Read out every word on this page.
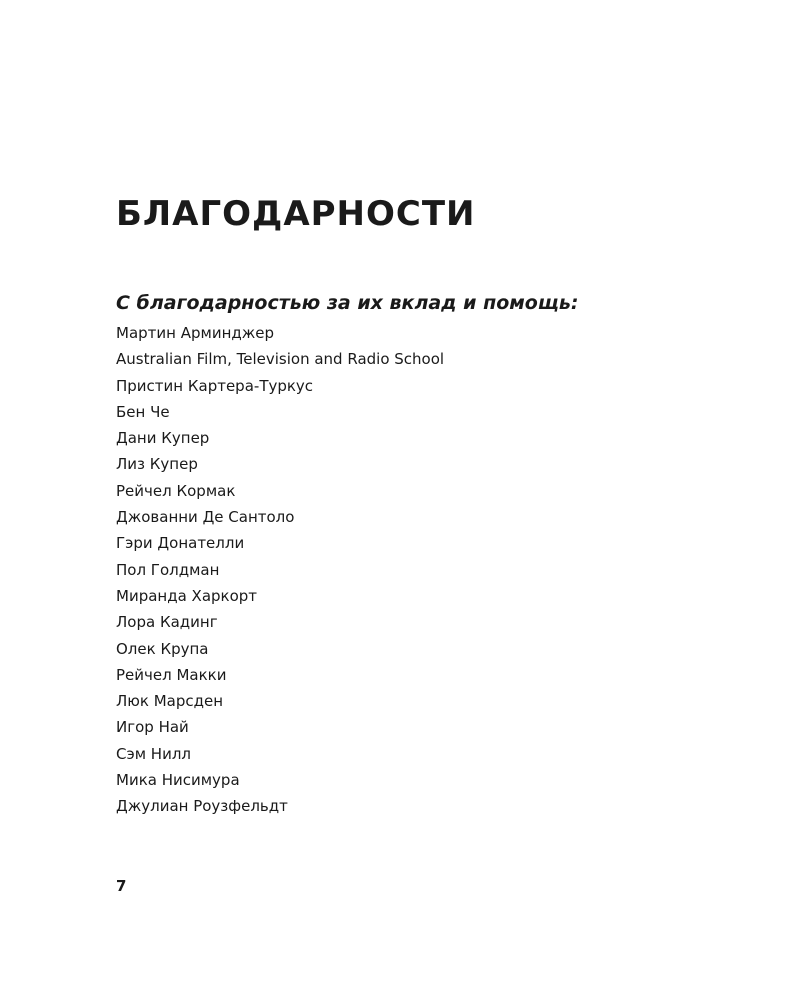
БЛАГОДАРНОСТИ
С благодарностью за их вклад и помощь:
Мартин Арминджер
Australian Film, Television and Radio School
Пристин Картера-Туркус
Бен Че
Дани Купер
Лиз Купер
Рейчел Кормак
Джованни Де Сантоло
Гэри Донателли
Пол Голдман
Миранда Харкорт
Лора Кадинг
Олек Крупа
Рейчел Макки
Люк Марсден
Игор Най
Сэм Нилл
Мика Нисимура
Джулиан Роузфельдт
7
